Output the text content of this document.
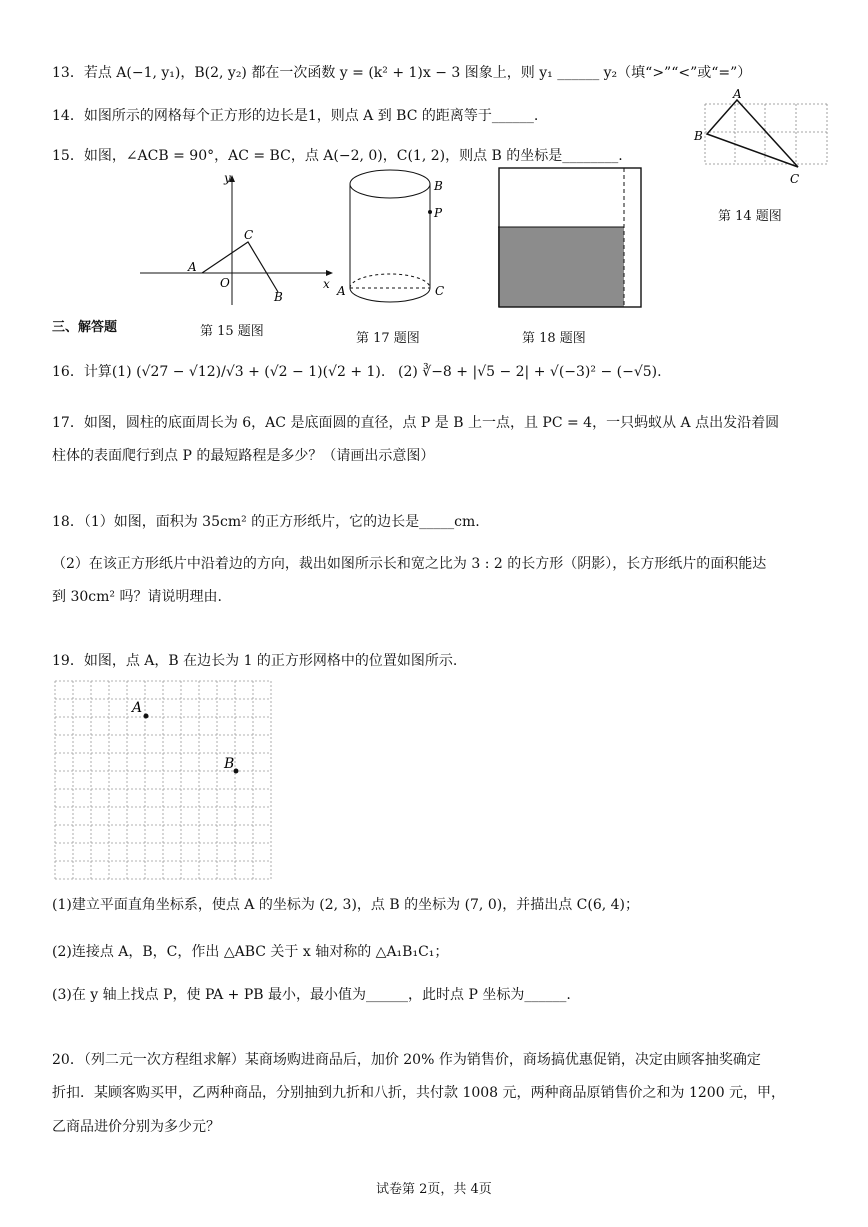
13．若点 A(−1, y₁)，B(2, y₂) 都在一次函数 y = (k² + 1)x − 3 图象上，则 y₁ ______ y₂（填“>”“<”或“=”）
14．如图所示的网格每个正方形的边长是1，则点 A 到 BC 的距离等于______.
15．如图，∠ACB = 90°，AC = BC，点 A(−2, 0)，C(1, 2)，则点 B 的坐标是________.
A
B
C
第 14 题图
y
x
O
A
C
B
第 15 题图
B
P
A	C
第 17 题图	第 18 题图
三、解答题
16．计算(1) (√27 − √12)/√3 + (√2 − 1)(√2 + 1). (2) ∛−8 + |√5 − 2| + √(−3)² − (−√5).
17．如图，圆柱的底面周长为 6，AC 是底面圆的直径，点 P 是 B 上一点，且 PC = 4，一只蚂蚁从 A 点出发沿着圆
柱体的表面爬行到点 P 的最短路程是多少？（请画出示意图）
18．（1）如图，面积为 35cm² 的正方形纸片，它的边长是_____cm.
（2）在该正方形纸片中沿着边的方向，裁出如图所示长和宽之比为 3 : 2 的长方形（阴影），长方形纸片的面积能达
到 30cm² 吗？请说明理由.
19．如图，点 A，B 在边长为 1 的正方形网格中的位置如图所示.
A
B
(1)建立平面直角坐标系，使点 A 的坐标为 (2, 3)，点 B 的坐标为 (7, 0)，并描出点 C(6, 4)；
(2)连接点 A，B，C，作出 △ABC 关于 x 轴对称的 △A₁B₁C₁；
(3)在 y 轴上找点 P，使 PA + PB 最小，最小值为______，此时点 P 坐标为______.
20．（列二元一次方程组求解）某商场购进商品后，加价 20% 作为销售价，商场搞优惠促销，决定由顾客抽奖确定
折扣．某顾客购买甲，乙两种商品，分别抽到九折和八折，共付款 1008 元，两种商品原销售价之和为 1200 元，甲，
乙商品进价分别为多少元？
试卷第 2页，共 4页
